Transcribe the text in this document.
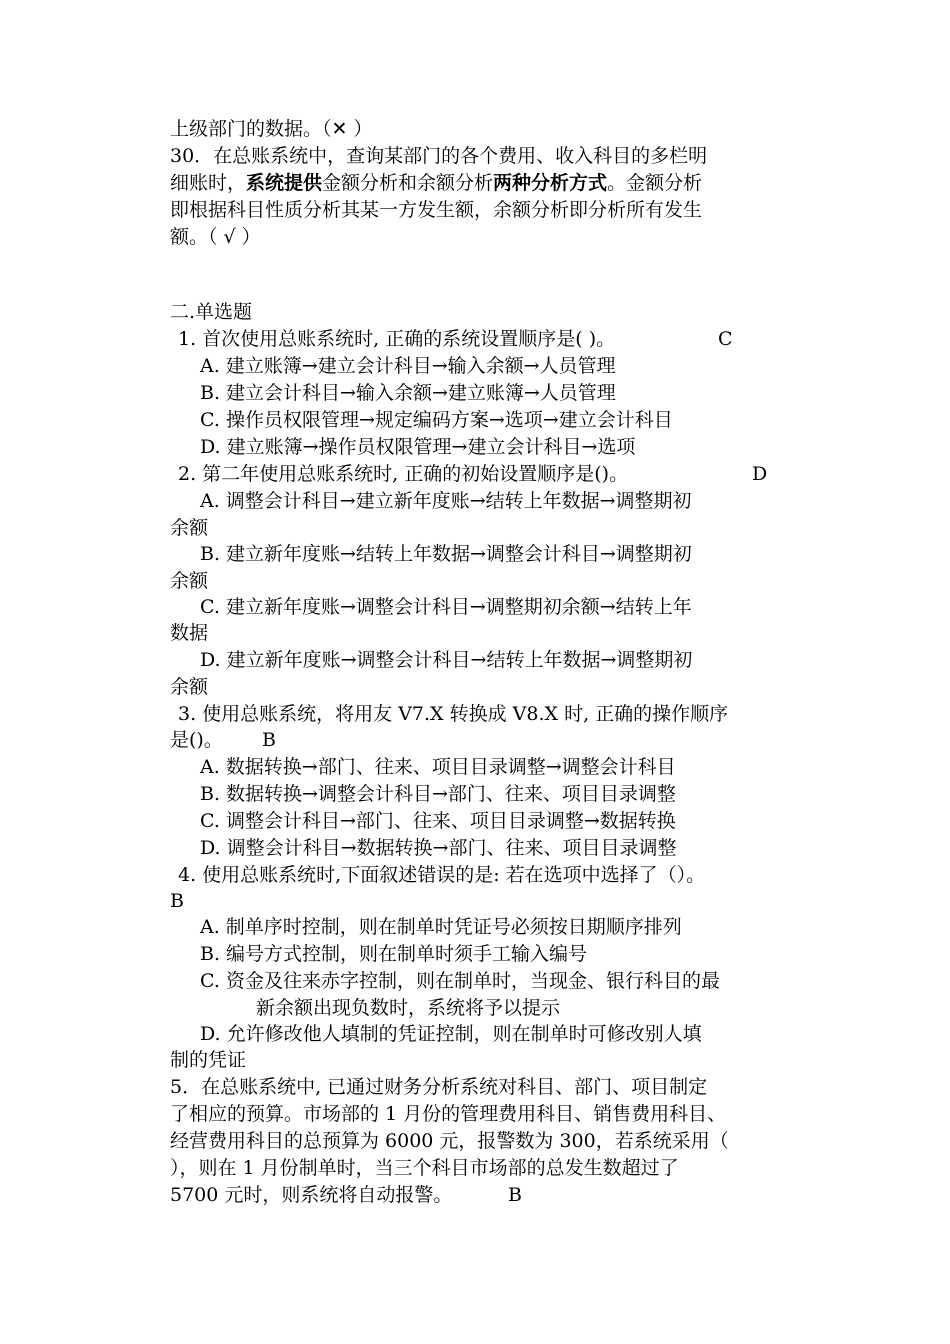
上级部门的数据。（✕ ）
30．在总账系统中，查询某部门的各个费用、收入科目的多栏明
细账时，系统提供金额分析和余额分析两种分析方式。金额分析
即根据科目性质分析其某一方发生额，余额分析即分析所有发生
额。（ √ ）
二.单选题
1. 首次使用总账系统时, 正确的系统设置顺序是( )。	C
A. 建立账簿→建立会计科目→输入余额→人员管理
B. 建立会计科目→输入余额→建立账簿→人员管理
C. 操作员权限管理→规定编码方案→选项→建立会计科目
D. 建立账簿→操作员权限管理→建立会计科目→选项
2. 第二年使用总账系统时, 正确的初始设置顺序是()。	D
A. 调整会计科目→建立新年度账→结转上年数据→调整期初
余额
B. 建立新年度账→结转上年数据→调整会计科目→调整期初
余额
C. 建立新年度账→调整会计科目→调整期初余额→结转上年
数据
D. 建立新年度账→调整会计科目→结转上年数据→调整期初
余额
3. 使用总账系统，将用友 V7.X 转换成 V8.X 时, 正确的操作顺序
是()。 B
A. 数据转换→部门、往来、项目目录调整→调整会计科目
B. 数据转换→调整会计科目→部门、往来、项目目录调整
C. 调整会计科目→部门、往来、项目目录调整→数据转换
D. 调整会计科目→数据转换→部门、往来、项目目录调整
4. 使用总账系统时,下面叙述错误的是: 若在选项中选择了（）。
B
A. 制单序时控制，则在制单时凭证号必须按日期顺序排列
B. 编号方式控制，则在制单时须手工输入编号
C. 资金及往来赤字控制，则在制单时，当现金、银行科目的最
新余额出现负数时，系统将予以提示
D. 允许修改他人填制的凭证控制，则在制单时可修改别人填
制的凭证
5．在总账系统中, 已通过财务分析系统对科目、部门、项目制定
了相应的预算。市场部的 1 月份的管理费用科目、销售费用科目、
经营费用科目的总预算为 6000 元，报警数为 300，若系统采用（
），则在 1 月份制单时，当三个科目市场部的总发生数超过了
5700 元时，则系统将自动报警。	B
